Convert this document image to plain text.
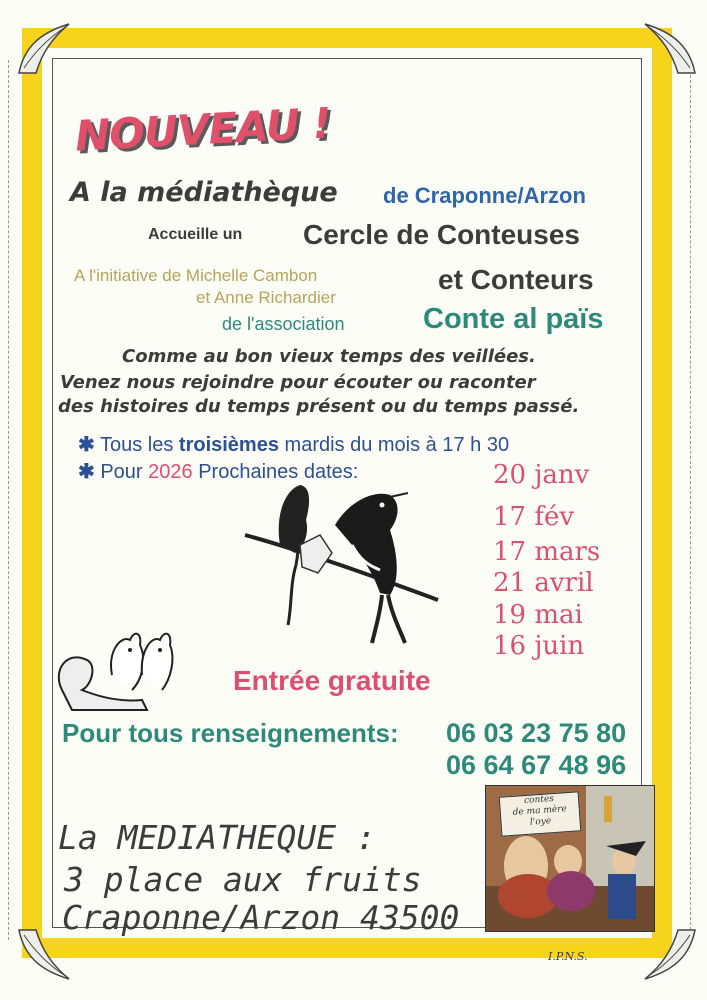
NOUVEAU !
A la médiathèque de Craponne/Arzon
Accueille un Cercle de Conteuses
A l'initiative de Michelle Cambon
et Anne Richardier
de l'association
et Conteurs
Conte al païs
Comme au bon vieux temps des veillées.
Venez nous rejoindre pour écouter ou raconter
des histoires du temps présent ou du temps passé.
✱ Tous les troisièmes mardis du mois à 17 h 30
✱ Pour 2026 Prochaines dates:	20 janv
17 fév
17 mars
21 avril
19 mai
16 juin
Entrée gratuite
Pour tous renseignements: 06 03 23 75 80
06 64 67 48 96
La MEDIATHEQUE :
3 place aux fruits
Craponne/Arzon 43500
contes
de ma mère
l'oye
I.P.N.S.
